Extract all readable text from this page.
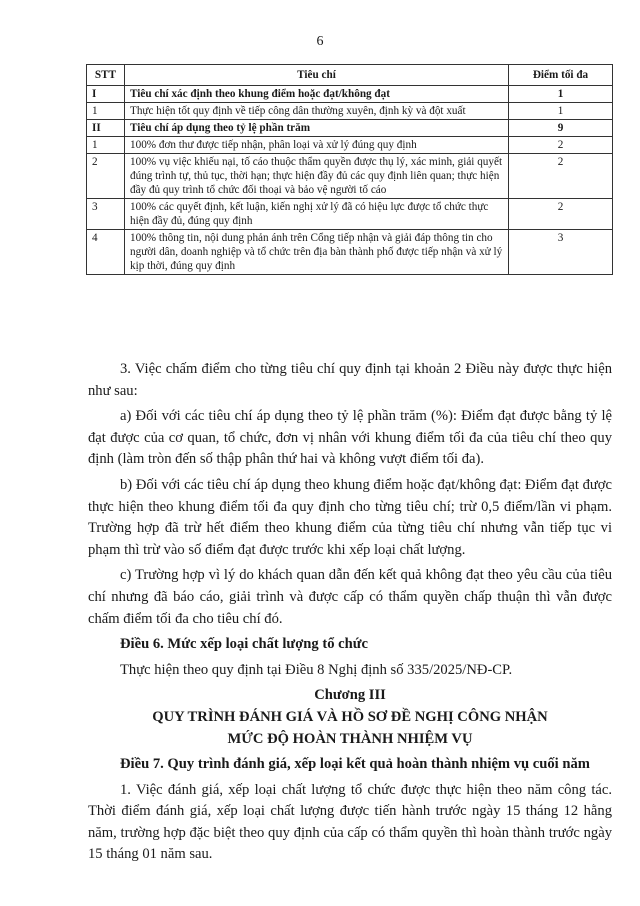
6
STT	Tiêu chí	Điểm tối đa
I	Tiêu chí xác định theo khung điểm hoặc đạt/không đạt	1
1	Thực hiện tốt quy định về tiếp công dân thường xuyên, định kỳ và đột xuất	1
II	Tiêu chí áp dụng theo tỷ lệ phần trăm	9
1	100% đơn thư được tiếp nhận, phân loại và xử lý đúng quy định	2
2	100% vụ việc khiếu nại, tố cáo thuộc thẩm quyền được thụ lý, xác minh, giải quyết đúng trình tự, thủ tục, thời hạn; thực hiện đầy đủ các quy định liên quan; thực hiện đầy đủ quy trình tổ chức đối thoại và bảo vệ người tố cáo	2
3	100% các quyết định, kết luận, kiến nghị xử lý đã có hiệu lực được tổ chức thực hiện đầy đủ, đúng quy định	2
4	100% thông tin, nội dung phản ánh trên Cổng tiếp nhận và giải đáp thông tin cho người dân, doanh nghiệp và tổ chức trên địa bàn thành phố được tiếp nhận và xử lý kịp thời, đúng quy định	3

3. Việc chấm điểm cho từng tiêu chí quy định tại khoản 2 Điều này được thực hiện như sau:

a) Đối với các tiêu chí áp dụng theo tỷ lệ phần trăm (%): Điểm đạt được bằng tỷ lệ đạt được của cơ quan, tổ chức, đơn vị nhân với khung điểm tối đa của tiêu chí theo quy định (làm tròn đến số thập phân thứ hai và không vượt điểm tối đa).

b) Đối với các tiêu chí áp dụng theo khung điểm hoặc đạt/không đạt: Điểm đạt được thực hiện theo khung điểm tối đa quy định cho từng tiêu chí; trừ 0,5 điểm/lần vi phạm. Trường hợp đã trừ hết điểm theo khung điểm của từng tiêu chí nhưng vẫn tiếp tục vi phạm thì trừ vào số điểm đạt được trước khi xếp loại chất lượng.

c) Trường hợp vì lý do khách quan dẫn đến kết quả không đạt theo yêu cầu của tiêu chí nhưng đã báo cáo, giải trình và được cấp có thẩm quyền chấp thuận thì vẫn được chấm điểm tối đa cho tiêu chí đó.

Điều 6. Mức xếp loại chất lượng tổ chức

Thực hiện theo quy định tại Điều 8 Nghị định số 335/2025/NĐ-CP.

Chương III

QUY TRÌNH ĐÁNH GIÁ VÀ HỒ SƠ ĐỀ NGHỊ CÔNG NHẬN

MỨC ĐỘ HOÀN THÀNH NHIỆM VỤ

Điều 7. Quy trình đánh giá, xếp loại kết quả hoàn thành nhiệm vụ cuối năm

1. Việc đánh giá, xếp loại chất lượng tổ chức được thực hiện theo năm công tác. Thời điểm đánh giá, xếp loại chất lượng được tiến hành trước ngày 15 tháng 12 hằng năm, trường hợp đặc biệt theo quy định của cấp có thẩm quyền thì hoàn thành trước ngày 15 tháng 01 năm sau.
